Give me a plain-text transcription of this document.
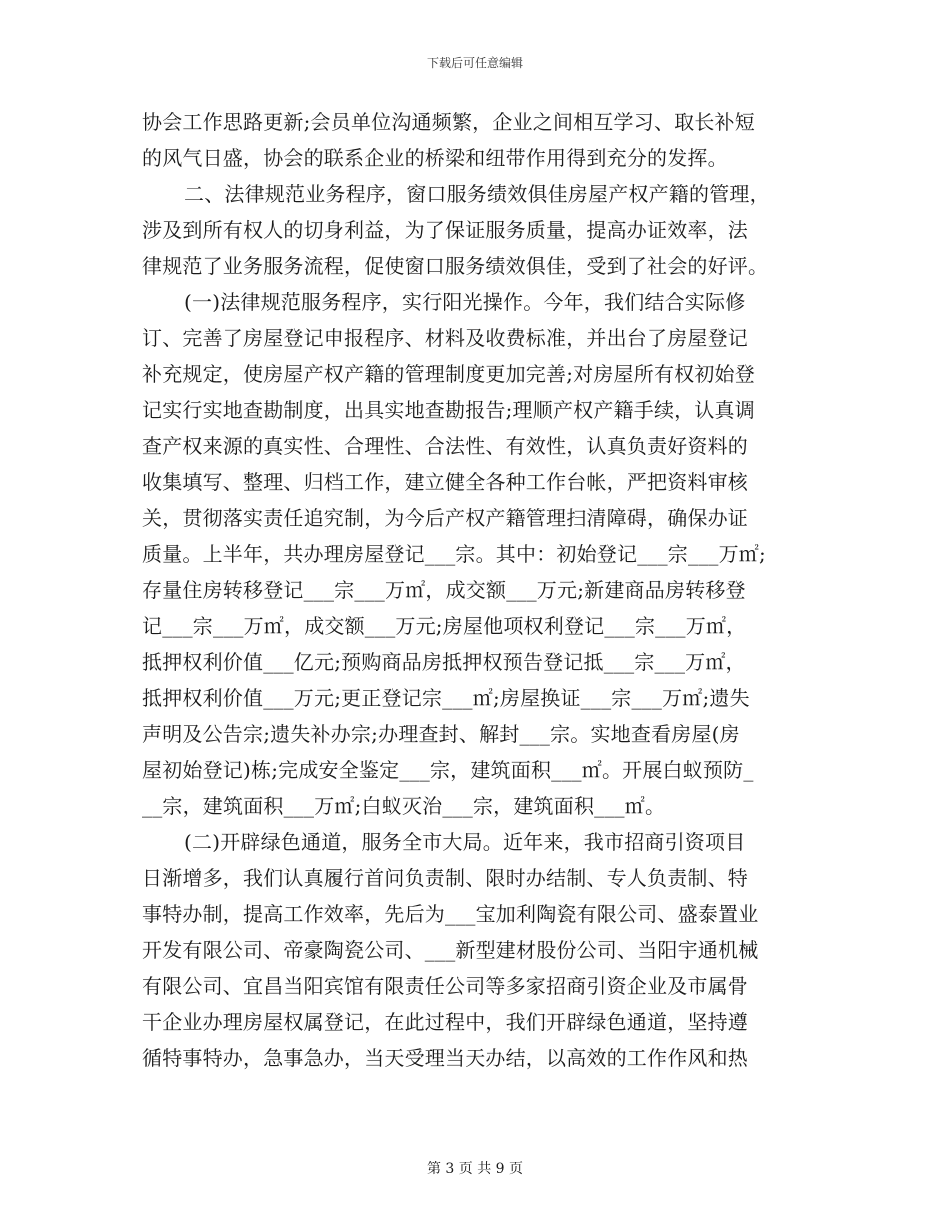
下载后可任意编辑
协会工作思路更新;会员单位沟通频繁，企业之间相互学习、取长补短
的风气日盛，协会的联系企业的桥梁和纽带作用得到充分的发挥。
二、法律规范业务程序，窗口服务绩效俱佳房屋产权产籍的管理，
涉及到所有权人的切身利益，为了保证服务质量，提高办证效率，法
律规范了业务服务流程，促使窗口服务绩效俱佳，受到了社会的好评。
(一)法律规范服务程序，实行阳光操作。今年，我们结合实际修
订、完善了房屋登记申报程序、材料及收费标准，并出台了房屋登记
补充规定，使房屋产权产籍的管理制度更加完善;对房屋所有权初始登
记实行实地查勘制度，出具实地查勘报告;理顺产权产籍手续，认真调
查产权来源的真实性、合理性、合法性、有效性，认真负责好资料的
收集填写、整理、归档工作，建立健全各种工作台帐，严把资料审核
关，贯彻落实责任追究制，为今后产权产籍管理扫清障碍，确保办证
质量。上半年，共办理房屋登记___宗。其中：初始登记___宗___万㎡;
存量住房转移登记___宗___万㎡，成交额___万元;新建商品房转移登
记___宗___万㎡，成交额___万元;房屋他项权利登记___宗___万㎡，
抵押权利价值___亿元;预购商品房抵押权预告登记抵___宗___万㎡，
抵押权利价值___万元;更正登记宗___㎡;房屋换证___宗___万㎡;遗失
声明及公告宗;遗失补办宗;办理查封、解封___宗。实地查看房屋(房
屋初始登记)栋;完成安全鉴定___宗，建筑面积___㎡。开展白蚁预防_
__宗，建筑面积___万㎡;白蚁灭治___宗，建筑面积___㎡。
(二)开辟绿色通道，服务全市大局。近年来，我市招商引资项目
日渐增多，我们认真履行首问负责制、限时办结制、专人负责制、特
事特办制，提高工作效率，先后为___宝加利陶瓷有限公司、盛泰置业
开发有限公司、帝豪陶瓷公司、___新型建材股份公司、当阳宇通机械
有限公司、宜昌当阳宾馆有限责任公司等多家招商引资企业及市属骨
干企业办理房屋权属登记，在此过程中，我们开辟绿色通道，坚持遵
循特事特办，急事急办，当天受理当天办结，以高效的工作作风和热
第 3 页 共 9 页
